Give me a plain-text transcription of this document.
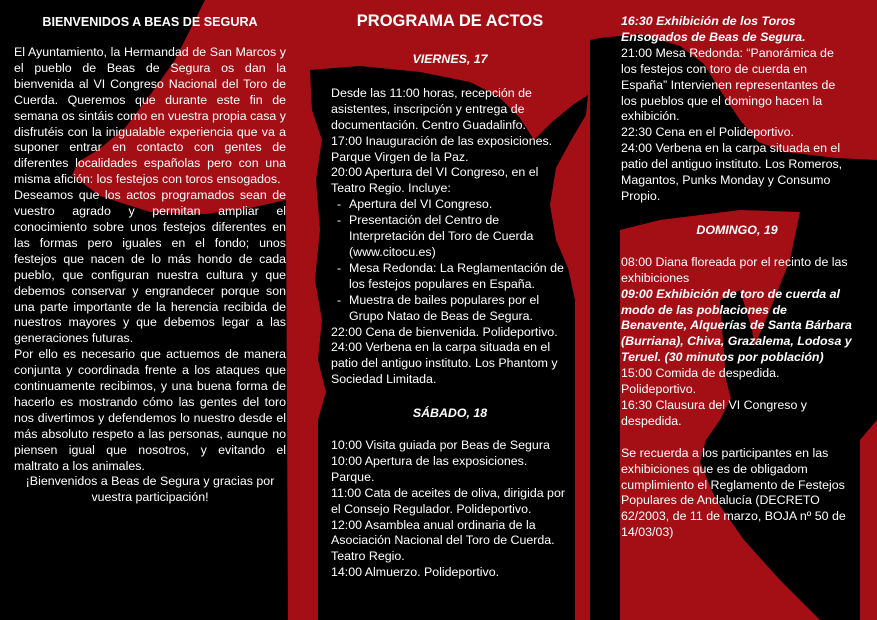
BIENVENIDOS A BEAS DE SEGURA

El Ayuntamiento, la Hermandad de San Marcos y el pueblo de Beas de Segura os dan la bienvenida al VI Congreso Nacional del Toro de Cuerda. Queremos que durante este fin de semana os sintáis como en vuestra propia casa y disfrutéis con la inigualable experiencia que va a suponer entrar en contacto con gentes de diferentes localidades españolas pero con una misma afición: los festejos con toros ensogados.

Deseamos que los actos programados sean de vuestro agrado y permitan ampliar el conocimiento sobre unos festejos diferentes en las formas pero iguales en el fondo; unos festejos que nacen de lo más hondo de cada pueblo, que configuran nuestra cultura y que debemos conservar y engrandecer porque son una parte importante de la herencia recibida de nuestros mayores y que debemos legar a las generaciones futuras.

Por ello es necesario que actuemos de manera conjunta y coordinada frente a los ataques que continuamente recibimos, y una buena forma de hacerlo es mostrando cómo las gentes del toro nos divertimos y defendemos lo nuestro desde el más absoluto respeto a las personas, aunque no piensen igual que nosotros, y evitando el maltrato a los animales.

¡Bienvenidos a Beas de Segura y gracias por vuestra participación!

PROGRAMA DE ACTOS

VIERNES, 17

Desde las 11:00 horas, recepción de asistentes, inscripción y entrega de documentación. Centro Guadalinfo.

17:00 Inauguración de las exposiciones. Parque Virgen de la Paz.

20:00 Apertura del VI Congreso, en el Teatro Regio. Incluye:

- Apertura del VI Congreso.
- Presentación del Centro de Interpretación del Toro de Cuerda (www.citocu.es)
- Mesa Redonda: La Reglamentación de los festejos populares en España.
- Muestra de bailes populares por el Grupo Natao de Beas de Segura.

22:00 Cena de bienvenida. Polideportivo.

24:00 Verbena en la carpa situada en el patio del antiguo instituto. Los Phantom y Sociedad Limitada.

SÁBADO, 18

10:00 Visita guiada por Beas de Segura

10:00 Apertura de las exposiciones. Parque.

11:00 Cata de aceites de oliva, dirigida por el Consejo Regulador. Polideportivo.

12:00 Asamblea anual ordinaria de la Asociación Nacional del Toro de Cuerda. Teatro Regio.

14:00 Almuerzo. Polideportivo.

16:30 Exhibición de los Toros Ensogados de Beas de Segura.

21:00 Mesa Redonda: “Panorámica de los festejos con toro de cuerda en España” Intervienen representantes de los pueblos que el domingo hacen la exhibición.

22:30 Cena en el Polideportivo.

24:00 Verbena en la carpa situada en el patio del antiguo instituto. Los Romeros, Magantos, Punks Monday y Consumo Propio.

DOMINGO, 19

08:00 Diana floreada por el recinto de las exhibiciones

09:00 Exhibición de toro de cuerda al modo de las poblaciones de Benavente, Alquerías de Santa Bárbara (Burriana), Chiva, Grazalema, Lodosa y Teruel. (30 minutos por población)

15:00 Comida de despedida. Polideportivo.

16:30 Clausura del VI Congreso y despedida.

Se recuerda a los participantes en las exhibiciones que es de obligadom cumplimiento el Reglamento de Festejos Populares de Andalucía (DECRETO 62/2003, de 11 de marzo, BOJA nº 50 de 14/03/03)
